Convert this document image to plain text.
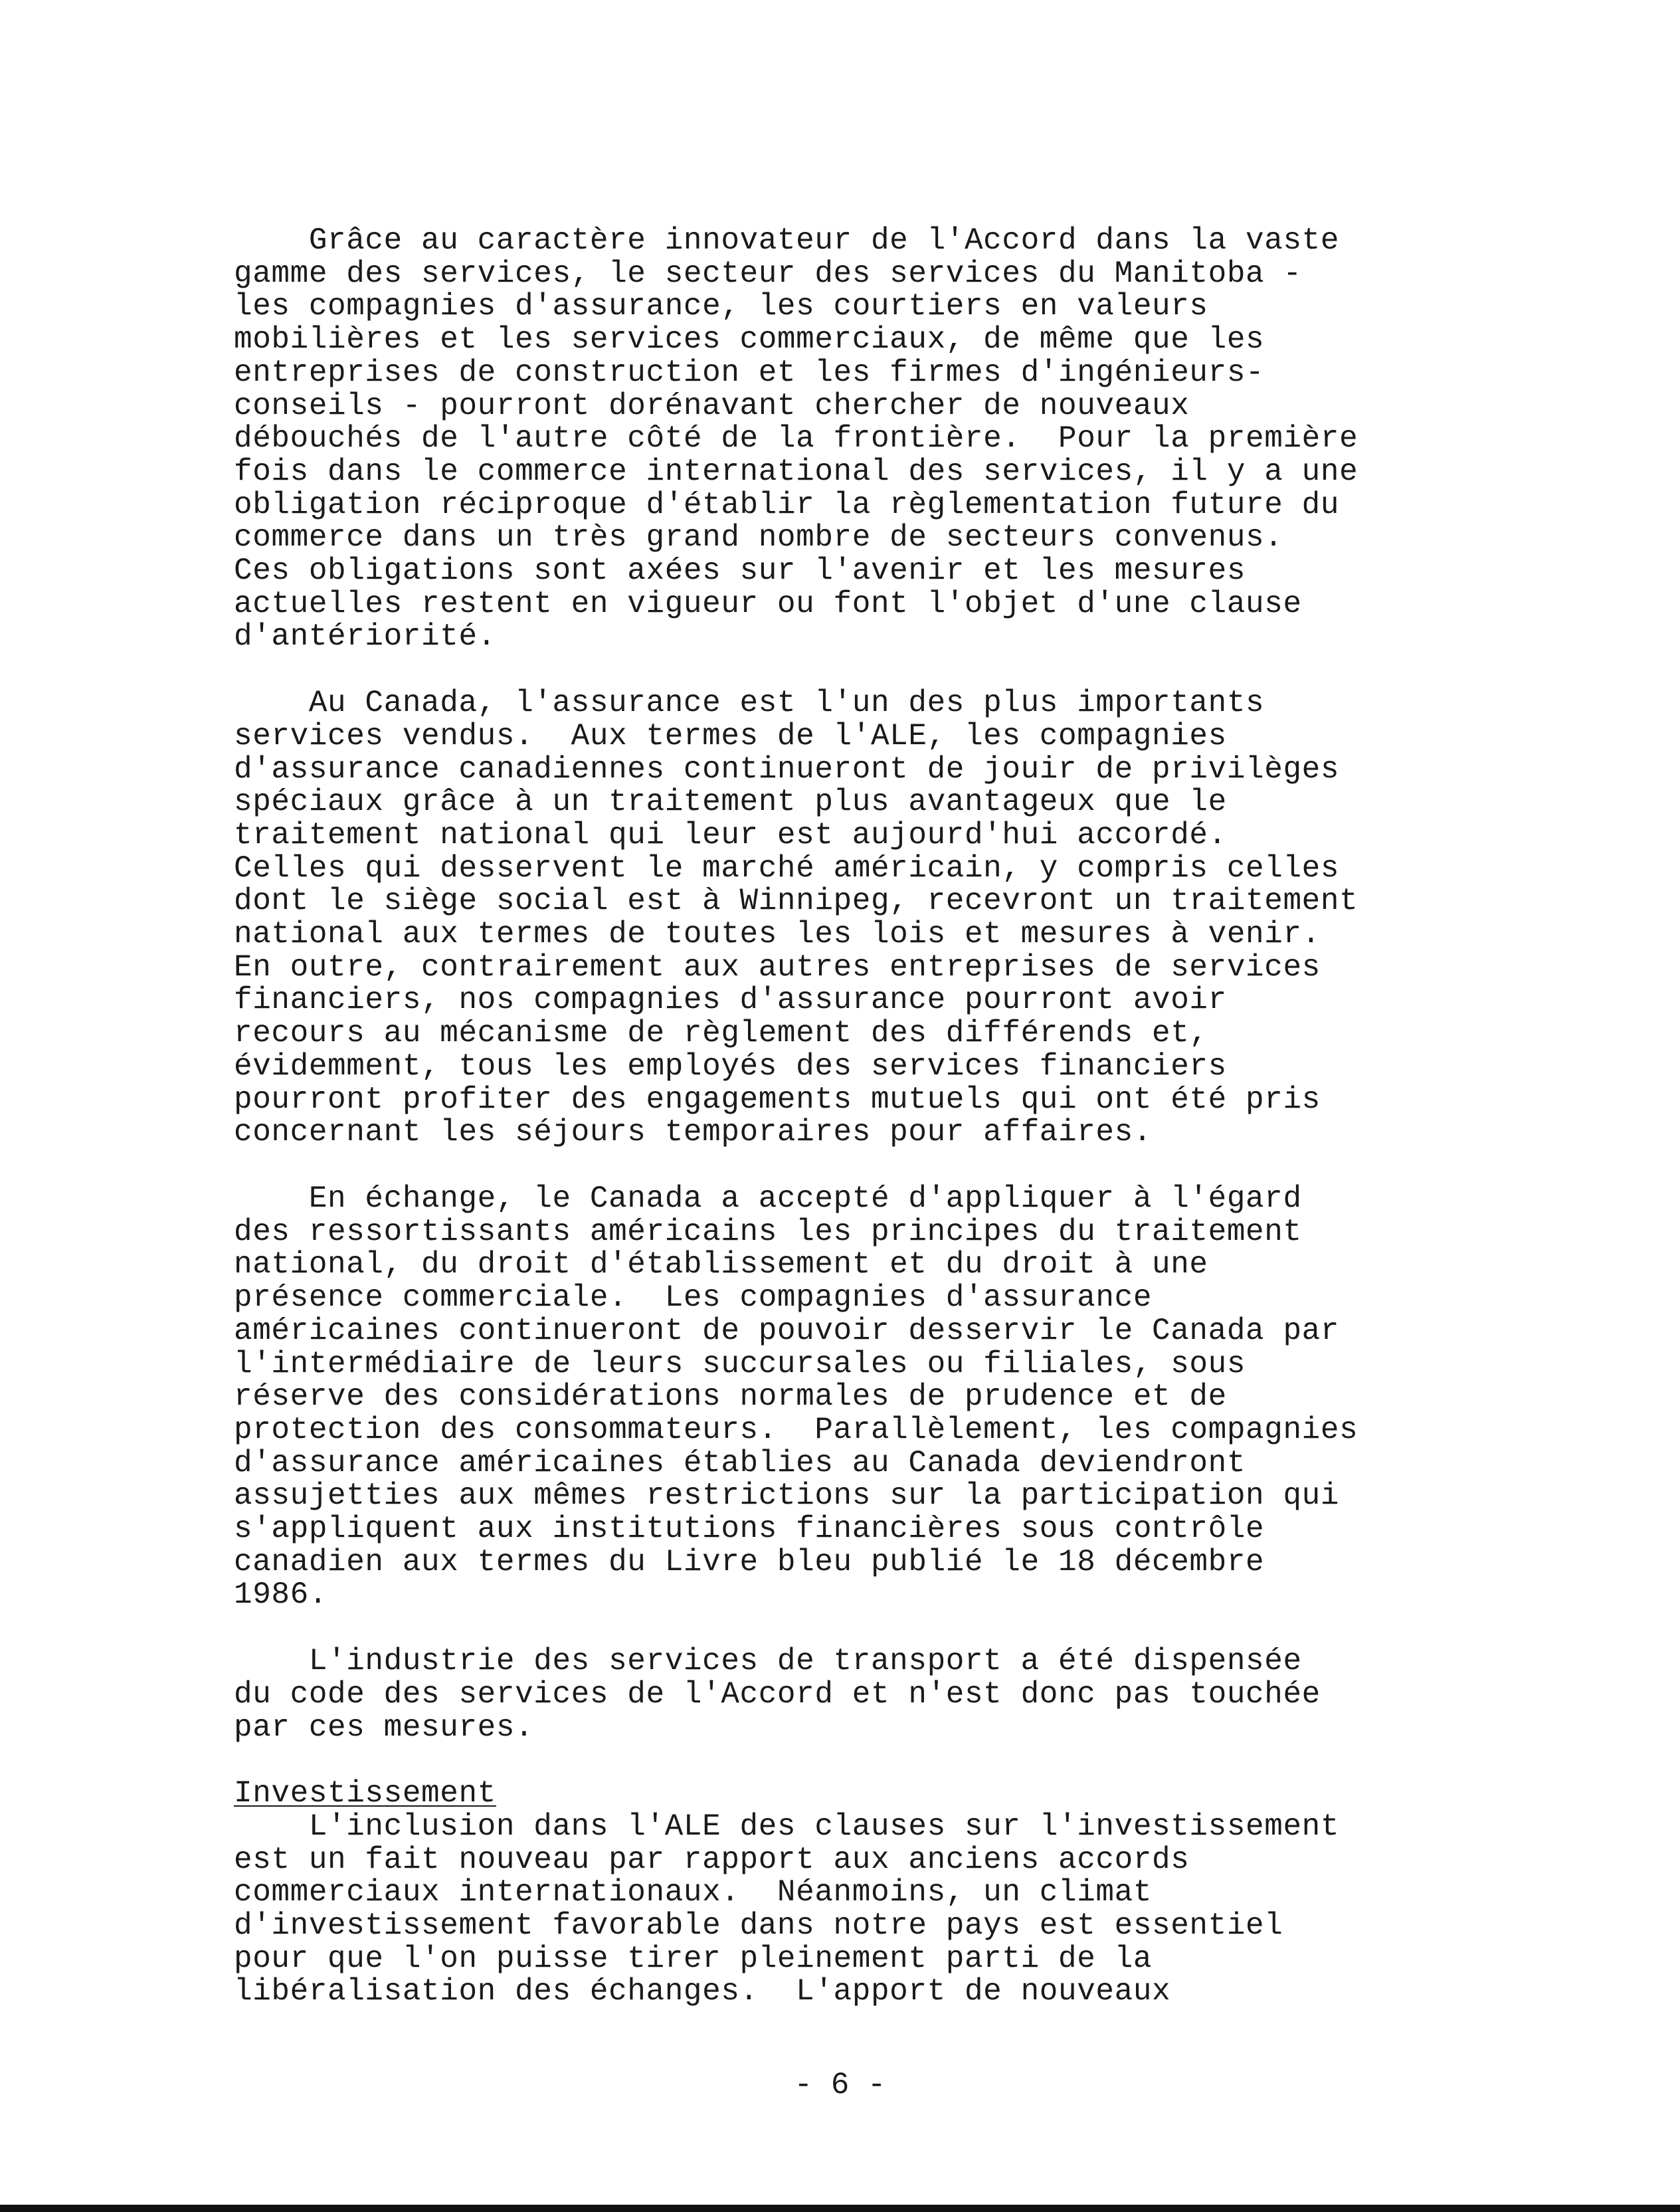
Grâce au caractère innovateur de l'Accord dans la vaste
gamme des services, le secteur des services du Manitoba -
les compagnies d'assurance, les courtiers en valeurs
mobilières et les services commerciaux, de même que les
entreprises de construction et les firmes d'ingénieurs-
conseils - pourront dorénavant chercher de nouveaux
débouchés de l'autre côté de la frontière.  Pour la première
fois dans le commerce international des services, il y a une
obligation réciproque d'établir la règlementation future du
commerce dans un très grand nombre de secteurs convenus.
Ces obligations sont axées sur l'avenir et les mesures
actuelles restent en vigueur ou font l'objet d'une clause
d'antériorité.
Au Canada, l'assurance est l'un des plus importants
services vendus.  Aux termes de l'ALE, les compagnies
d'assurance canadiennes continueront de jouir de privilèges
spéciaux grâce à un traitement plus avantageux que le
traitement national qui leur est aujourd'hui accordé.
Celles qui desservent le marché américain, y compris celles
dont le siège social est à Winnipeg, recevront un traitement
national aux termes de toutes les lois et mesures à venir.
En outre, contrairement aux autres entreprises de services
financiers, nos compagnies d'assurance pourront avoir
recours au mécanisme de règlement des différends et,
évidemment, tous les employés des services financiers
pourront profiter des engagements mutuels qui ont été pris
concernant les séjours temporaires pour affaires.
En échange, le Canada a accepté d'appliquer à l'égard
des ressortissants américains les principes du traitement
national, du droit d'établissement et du droit à une
présence commerciale.  Les compagnies d'assurance
américaines continueront de pouvoir desservir le Canada par
l'intermédiaire de leurs succursales ou filiales, sous
réserve des considérations normales de prudence et de
protection des consommateurs.  Parallèlement, les compagnies
d'assurance américaines établies au Canada deviendront
assujetties aux mêmes restrictions sur la participation qui
s'appliquent aux institutions financières sous contrôle
canadien aux termes du Livre bleu publié le 18 décembre
1986.
L'industrie des services de transport a été dispensée
du code des services de l'Accord et n'est donc pas touchée
par ces mesures.
Investissement
L'inclusion dans l'ALE des clauses sur l'investissement
est un fait nouveau par rapport aux anciens accords
commerciaux internationaux.  Néanmoins, un climat
d'investissement favorable dans notre pays est essentiel
pour que l'on puisse tirer pleinement parti de la
libéralisation des échanges.  L'apport de nouveaux
- 6 -
